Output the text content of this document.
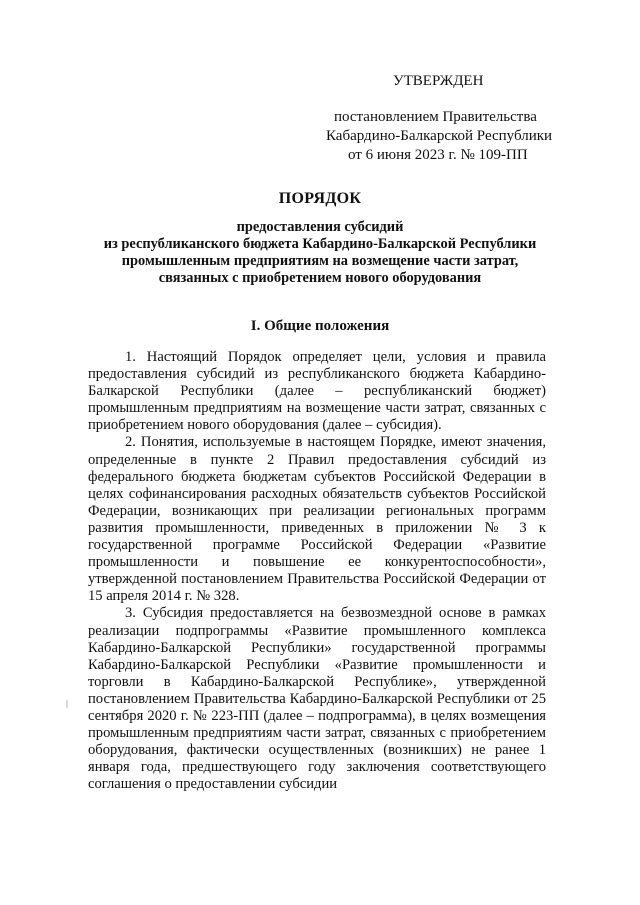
УТВЕРЖДЕН
постановлением Правительства
Кабардино-Балкарской Республики
от 6 июня 2023 г. № 109-ПП
ПОРЯДОК
предоставления субсидий
из республиканского бюджета Кабардино-Балкарской Республики
промышленным предприятиям на возмещение части затрат,
связанных с приобретением нового оборудования
I. Общие положения

1. Настоящий Порядок определяет цели, условия и правила предоставления субсидий из республиканского бюджета Кабардино-Балкарской Республики (далее – республиканский бюджет) промышленным предприятиям на возмещение части затрат, связанных с приобретением нового оборудования (далее – субсидия).

2. Понятия, используемые в настоящем Порядке, имеют значения, определенные в пункте 2 Правил предоставления субсидий из федерального бюджета бюджетам субъектов Российской Федерации в целях софинансирования расходных обязательств субъектов Российской Федерации, возникающих при реализации региональных программ развития промышленности, приведенных в приложении № 3 к государственной программе Российской Федерации «Развитие промышленности и повышение ее конкурентоспособности», утвержденной постановлением Правительства Российской Федерации от 15 апреля 2014 г. № 328.

3. Субсидия предоставляется на безвозмездной основе в рамках реализации подпрограммы «Развитие промышленного комплекса Кабардино-Балкарской Республики» государственной программы Кабардино-Балкарской Республики «Развитие промышленности и торговли в Кабардино-Балкарской Республике», утвержденной постановлением Правительства Кабардино-Балкарской Республики от 25 сентября 2020 г. № 223-ПП (далее – подпрограмма), в целях возмещения промышленным предприятиям части затрат, связанных с приобретением оборудования, фактически осуществленных (возникших) не ранее 1 января года, предшествующего году заключения соответствующего соглашения о предоставлении субсидии
